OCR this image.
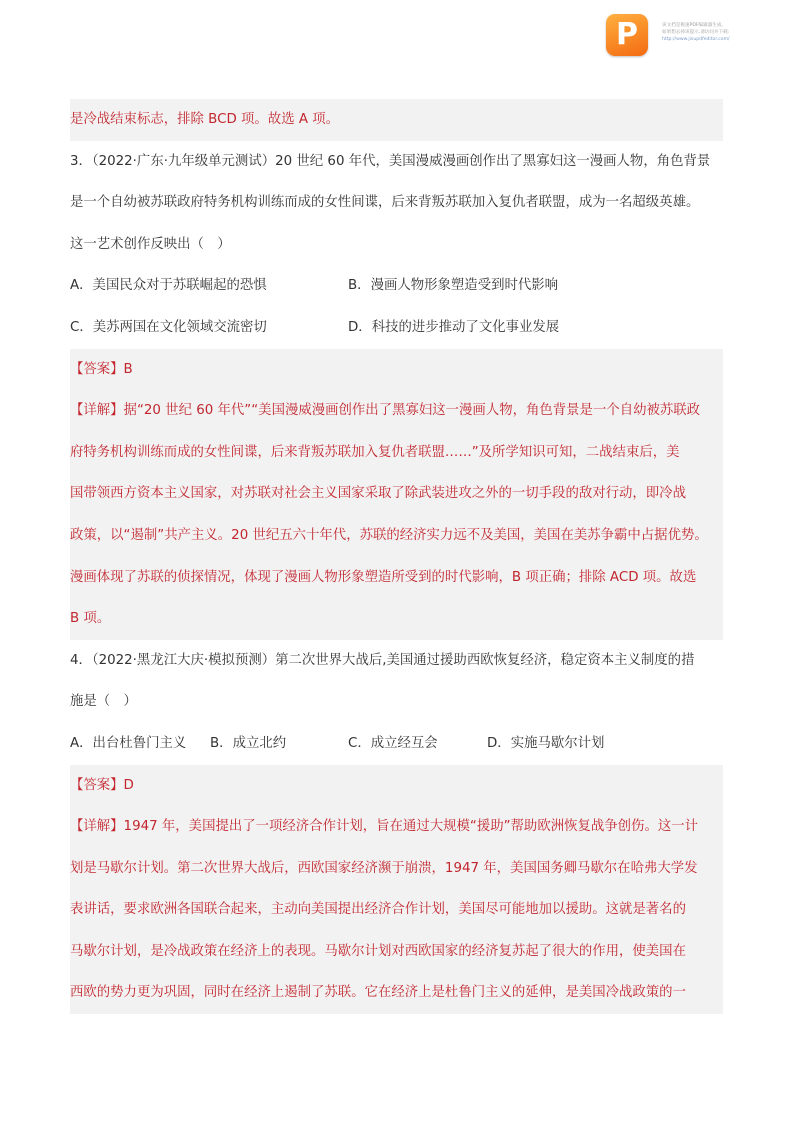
P	该文档是极速PDF编辑器生成,
如果想去掉该提示,请访问并下载:
http://www.jisupdfeditor.com/
是冷战结束标志，排除 BCD 项。故选 A 项。
3．（2022·广东·九年级单元测试）20 世纪 60 年代，美国漫威漫画创作出了黑寡妇这一漫画人物，角色背景
是一个自幼被苏联政府特务机构训练而成的女性间谍，后来背叛苏联加入复仇者联盟，成为一名超级英雄。
这一艺术创作反映出（　）
A．美国民众对于苏联崛起的恐惧	B．漫画人物形象塑造受到时代影响
C．美苏两国在文化领域交流密切	D．科技的进步推动了文化事业发展
【答案】B
【详解】据“20 世纪 60 年代”“美国漫威漫画创作出了黑寡妇这一漫画人物，角色背景是一个自幼被苏联政
府特务机构训练而成的女性间谍，后来背叛苏联加入复仇者联盟……”及所学知识可知，二战结束后，美
国带领西方资本主义国家，对苏联对社会主义国家采取了除武装进攻之外的一切手段的敌对行动，即冷战
政策，以“遏制”共产主义。20 世纪五六十年代，苏联的经济实力远不及美国，美国在美苏争霸中占据优势。
漫画体现了苏联的侦探情况，体现了漫画人物形象塑造所受到的时代影响，B 项正确；排除 ACD 项。故选
B 项。
4．（2022·黑龙江大庆·模拟预测）第二次世界大战后,美国通过援助西欧恢复经济，稳定资本主义制度的措
施是（　）
A．出台杜鲁门主义 B．成立北约	C．成立经互会	D．实施马歇尔计划
【答案】D
【详解】1947 年，美国提出了一项经济合作计划，旨在通过大规模“援助”帮助欧洲恢复战争创伤。这一计
划是马歇尔计划。第二次世界大战后，西欧国家经济濒于崩溃，1947 年，美国国务卿马歇尔在哈弗大学发
表讲话，要求欧洲各国联合起来，主动向美国提出经济合作计划，美国尽可能地加以援助。这就是著名的
马歇尔计划，是冷战政策在经济上的表现。马歇尔计划对西欧国家的经济复苏起了很大的作用，使美国在
西欧的势力更为巩固，同时在经济上遏制了苏联。它在经济上是杜鲁门主义的延伸，是美国冷战政策的一
